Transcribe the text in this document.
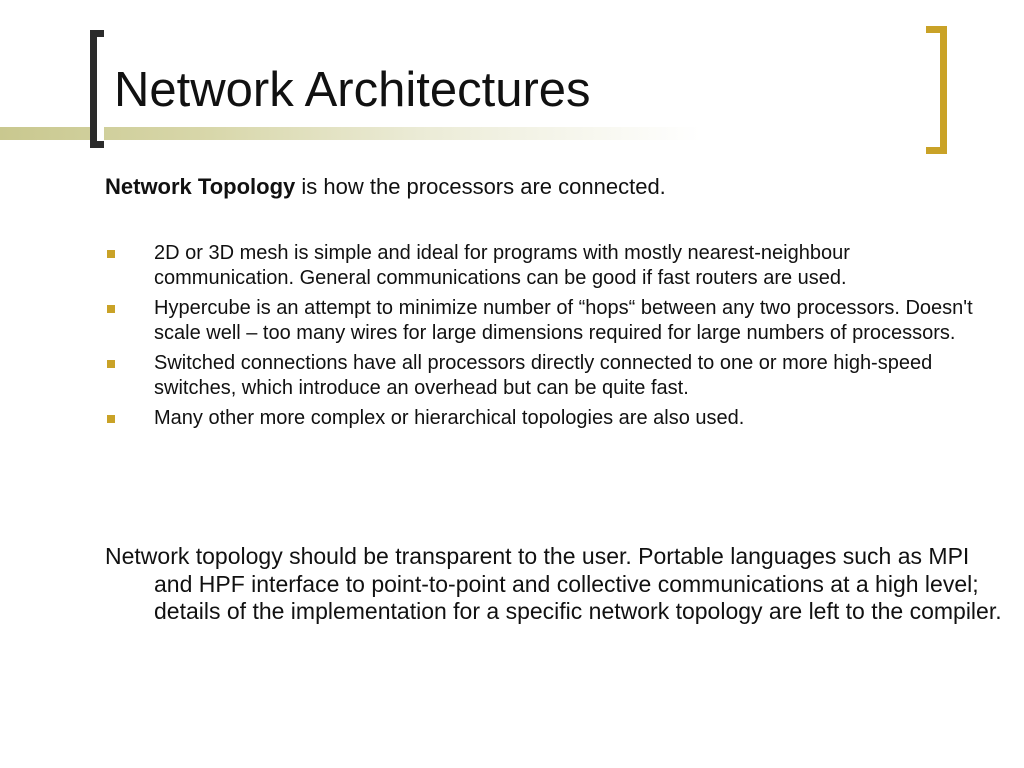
Network Architectures

Network Topology is how the processors are connected.

2D or 3D mesh is simple and ideal for programs with mostly nearest-neighbour communication. General communications can be good if fast routers are used.
Hypercube is an attempt to minimize number of “hops“ between any two processors. Doesn't scale well – too many wires for large dimensions required for large numbers of processors.
Switched connections have all processors directly connected to one or more high-speed switches, which introduce an overhead but can be quite fast.
Many other more complex or hierarchical topologies are also used.

Network topology should be transparent to the user. Portable languages such as MPI and HPF interface to point-to-point and collective communications at a high level; details of the implementation for a specific network topology are left to the compiler.
